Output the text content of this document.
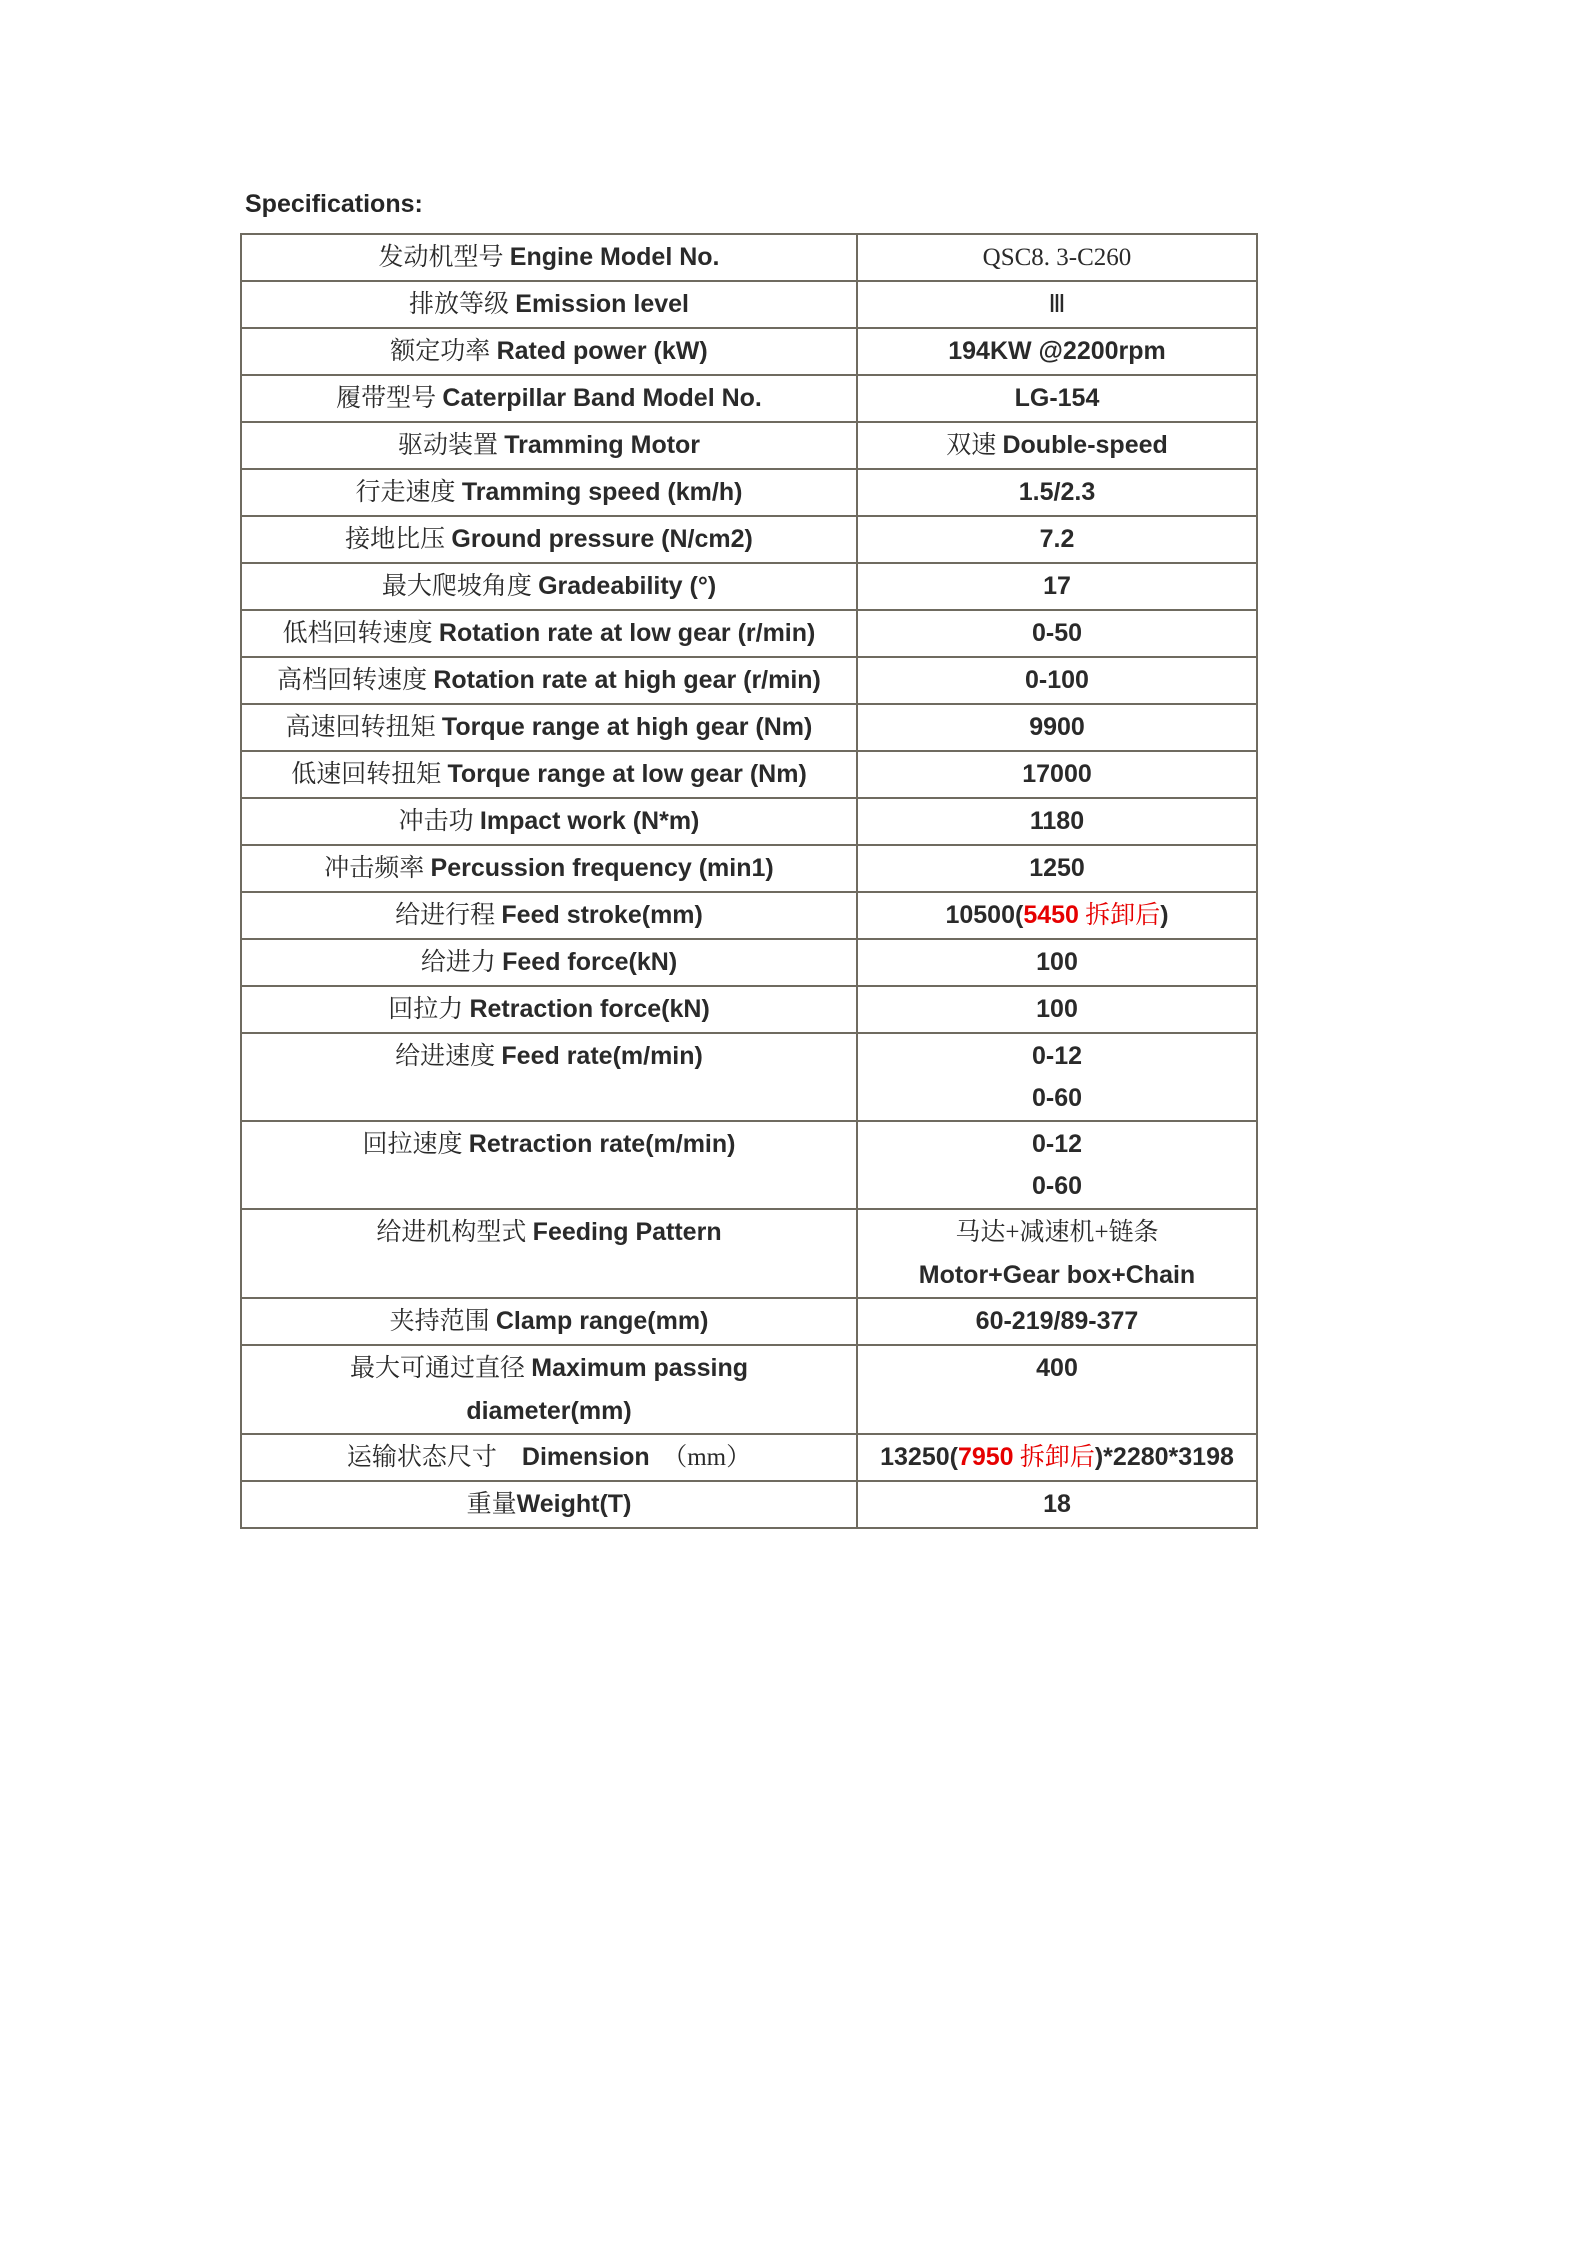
Specifications:

发动机型号 Engine Model No.	QSC8. 3-C260

排放等级 Emission level	Ⅲ

额定功率 Rated power (kW)	194KW @2200rpm

履带型号 Caterpillar Band Model No.	LG-154

驱动装置 Tramming Motor	双速 Double-speed

行走速度 Tramming speed (km/h)	1.5/2.3

接地比压 Ground pressure (N/cm2)	7.2

最大爬坡角度 Gradeability (°)	17

低档回转速度 Rotation rate at low gear (r/min)	0-50

高档回转速度 Rotation rate at high gear (r/min)	0-100

高速回转扭矩 Torque range at high gear (Nm)	9900

低速回转扭矩 Torque range at low gear (Nm)	17000

冲击功 Impact work (N*m)	1180

冲击频率 Percussion frequency (min1)	1250

给进行程 Feed stroke(mm)	10500(5450 拆卸后)

给进力 Feed force(kN)	100

回拉力 Retraction force(kN)	100

给进速度 Feed rate(m/min)	0-12
0-60

回拉速度 Retraction rate(m/min)	0-12
0-60

给进机构型式 Feeding Pattern	马达+减速机+链条
Motor+Gear box+Chain

夹持范围 Clamp range(mm)	60-219/89-377

最大可通过直径 Maximum passing
diameter(mm)	400

运输状态尺寸　Dimension　（mm）	13250(7950 拆卸后)*2280*3198

重量Weight(T)	18
